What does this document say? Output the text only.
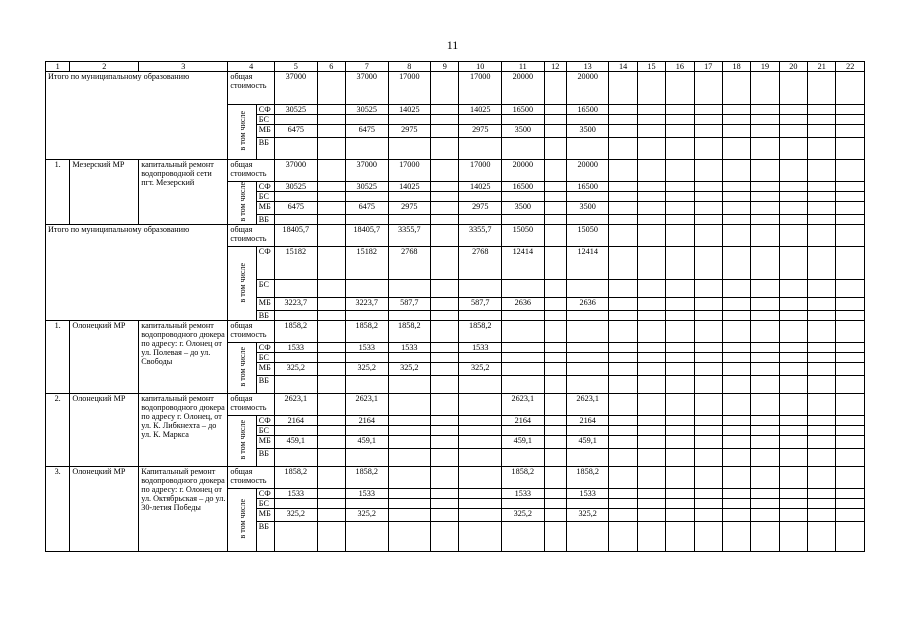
11
1	2	3	4		5	6	7	8	9	10	11	12	13	14	15	16	17	18	19	20	21	22
Итого по муниципальному образованию			общая стоимость		37000		37000	17000		17000	20000		20000									
			в том числе	СФ	30525		30525	14025		14025	16500		16500									
				БС																		
				МБ	6475		6475	2975		2975	3500		3500									
				ВБ																		
1.	Мезерский МР	капитальный ремонт водопроводной сети пгт. Мезерский	общая стоимость		37000		37000	17000		17000	20000		20000									
			в том числе	СФ	30525		30525	14025		14025	16500		16500									
				БС																		
				МБ	6475		6475	2975		2975	3500		3500									
				ВБ																		
Итого по муниципальному образованию			общая стоимость		18405,7		18405,7	3355,7		3355,7	15050		15050									
			в том числе	СФ	15182		15182	2768		2768	12414		12414									
				БС																		
				МБ	3223,7		3223,7	587,7		587,7	2636		2636									
				ВБ																		
1.	Олонецкий МР	капитальный ремонт водопроводного дюкера по адресу: г. Олонец от ул. Полевая – до ул. Свободы	общая стоимость		1858,2		1858,2	1858,2		1858,2												
			в том числе	СФ	1533		1533	1533		1533												
				БС																		
				МБ	325,2		325,2	325,2		325,2												
				ВБ																		
2.	Олонецкий МР	капитальный ремонт водопроводного дюкера по адресу г. Олонец, от ул. К. Либкнехта – до ул. К. Маркса	общая стоимость		2623,1		2623,1				2623,1		2623,1									
			в том числе	СФ	2164		2164				2164		2164									
				БС																		
				МБ	459,1		459,1				459,1		459,1									
				ВБ																		
3.	Олонецкий МР	Капитальный ремонт водопроводного дюкера по адресу: г. Олонец от ул. Октябрьская – до ул. 30-летия Победы	общая стоимость		1858,2		1858,2				1858,2		1858,2									
			в том числе	СФ	1533		1533				1533		1533									
				БС																		
				МБ	325,2		325,2				325,2		325,2									
				ВБ																		
